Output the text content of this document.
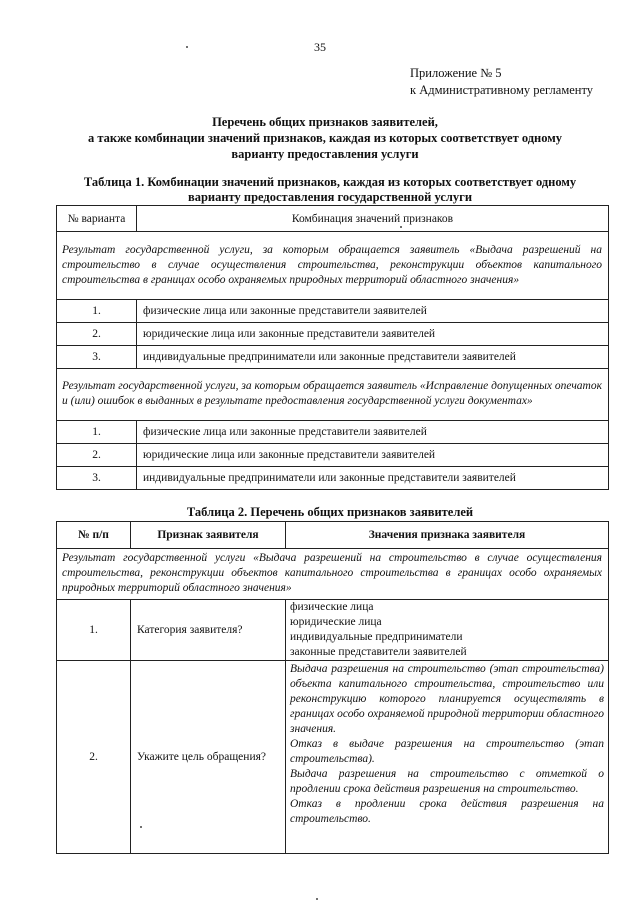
35
Приложение № 5
к Административному регламенту
Перечень общих признаков заявителей,
а также комбинации значений признаков, каждая из которых соответствует одному
варианту предоставления услуги
Таблица 1. Комбинации значений признаков, каждая из которых соответствует одному
варианту предоставления государственной услуги
№ варианта	Комбинация значений признаков
Результат государственной услуги, за которым обращается заявитель «Выдача разрешений на строительство в случае осуществления строительства, реконструкции объектов капитального строительства в границах особо охраняемых природных территорий областного значения»	
1.	физические лица или законные представители заявителей
2.	юридические лица или законные представители заявителей
3.	индивидуальные предприниматели или законные представители заявителей
Результат государственной услуги, за которым обращается заявитель «Исправление допущенных опечаток и (или) ошибок в выданных в результате предоставления государственной услуги документах»	
1.	физические лица или законные представители заявителей
2.	юридические лица или законные представители заявителей
3.	индивидуальные предприниматели или законные представители заявителей
Таблица 2. Перечень общих признаков заявителей
№ п/п	Признак заявителя	Значения признака заявителя
Результат государственной услуги «Выдача разрешений на строительство в случае осуществления строительства, реконструкции объектов капитального строительства в границах особо охраняемых природных территорий областного значения»		
1.	Категория заявителя?	физические лица
юридические лица
индивидуальные предприниматели
законные представители заявителей

2.	Укажите цель обращения?	Выдача разрешения на строительство (этап строительства) объекта капитального строительства, строительство или реконструкцию которого планируется осуществлять в границах особо охраняемой природной территории областного значения.
Отказ в выдаче разрешения на строительство (этап строительства).
Выдача разрешения на строительство с отметкой о продлении срока действия разрешения на строительство.
Отказ в продлении срока действия разрешения на строительство.
